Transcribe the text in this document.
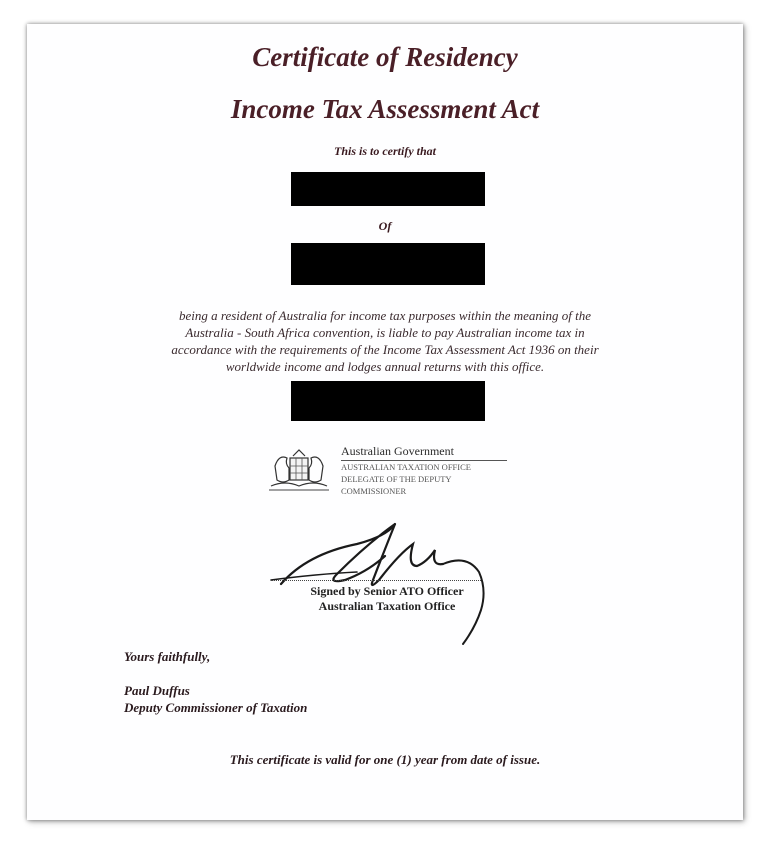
Certificate of Residency
Income Tax Assessment Act
This is to certify that
Of
being a resident of Australia for income tax purposes within the meaning of the
Australia - South Africa convention, is liable to pay Australian income tax in
accordance with the requirements of the Income Tax Assessment Act 1936 on their
worldwide income and lodges annual returns with this office.
Australian Government
AUSTRALIAN TAXATION OFFICE
DELEGATE OF THE DEPUTY
COMMISSIONER
Signed by Senior ATO Officer
Australian Taxation Office
Yours faithfully,
Paul Duffus
Deputy Commissioner of Taxation
This certificate is valid for one (1) year from date of issue.
